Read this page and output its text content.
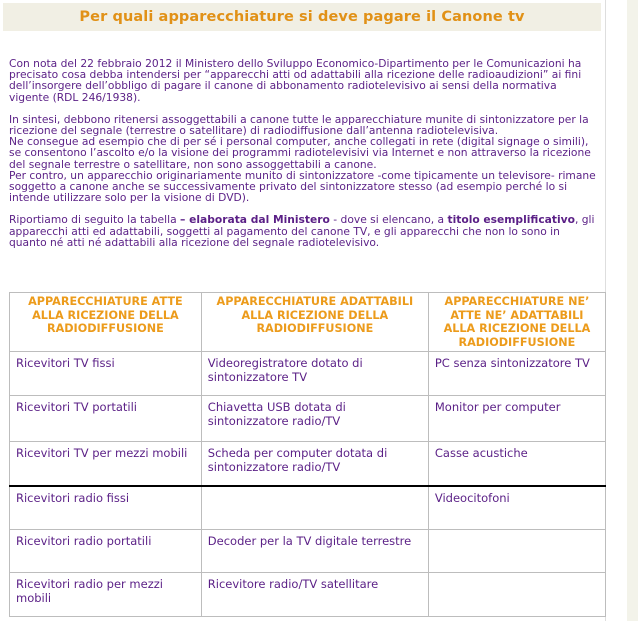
Per quali apparecchiature si deve pagare il Canone tv

Con nota del 22 febbraio 2012 il Ministero dello Sviluppo Economico-Dipartimento per le Comunicazioni ha precisato cosa debba intendersi per “apparecchi atti od adattabili alla ricezione delle radioaudizioni” ai fini dell’insorgere dell’obbligo di pagare il canone di abbonamento radiotelevisivo ai sensi della normativa vigente (RDL 246/1938).

In sintesi, debbono ritenersi assoggettabili a canone tutte le apparecchiature munite di sintonizzatore per la ricezione del segnale (terrestre o satellitare) di radiodiffusione dall’antenna radiotelevisiva.
Ne consegue ad esempio che di per sé i personal computer, anche collegati in rete (digital signage o simili), se consentono l’ascolto e/o la visione dei programmi radiotelevisivi via Internet e non attraverso la ricezione del segnale terrestre o satellitare, non sono assoggettabili a canone.
Per contro, un apparecchio originariamente munito di sintonizzatore -come tipicamente un televisore- rimane soggetto a canone anche se successivamente privato del sintonizzatore stesso (ad esempio perché lo si intende utilizzare solo per la visione di DVD).

Riportiamo di seguito la tabella – elaborata dal Ministero - dove si elencano, a titolo esemplificativo, gli apparecchi atti ed adattabili, soggetti al pagamento del canone TV, e gli apparecchi che non lo sono in quanto né atti né adattabili alla ricezione del segnale radiotelevisivo.

APPARECCHIATURE ATTE ALLA RICEZIONE DELLA RADIODIFFUSIONE	APPARECCHIATURE ADATTABILI ALLA RICEZIONE DELLA RADIODIFFUSIONE	APPARECCHIATURE NE’ ATTE NE’ ADATTABILI ALLA RICEZIONE DELLA RADIODIFFUSIONE
Ricevitori TV fissi	Videoregistratore dotato di sintonizzatore TV	PC senza sintonizzatore TV
Ricevitori TV portatili	Chiavetta USB dotata di sintonizzatore radio/TV	Monitor per computer
Ricevitori TV per mezzi mobili	Scheda per computer dotata di sintonizzatore radio/TV	Casse acustiche
Ricevitori radio fissi		Videocitofoni
Ricevitori radio portatili	Decoder per la TV digitale terrestre	
Ricevitori radio per mezzi mobili	Ricevitore radio/TV satellitare	
